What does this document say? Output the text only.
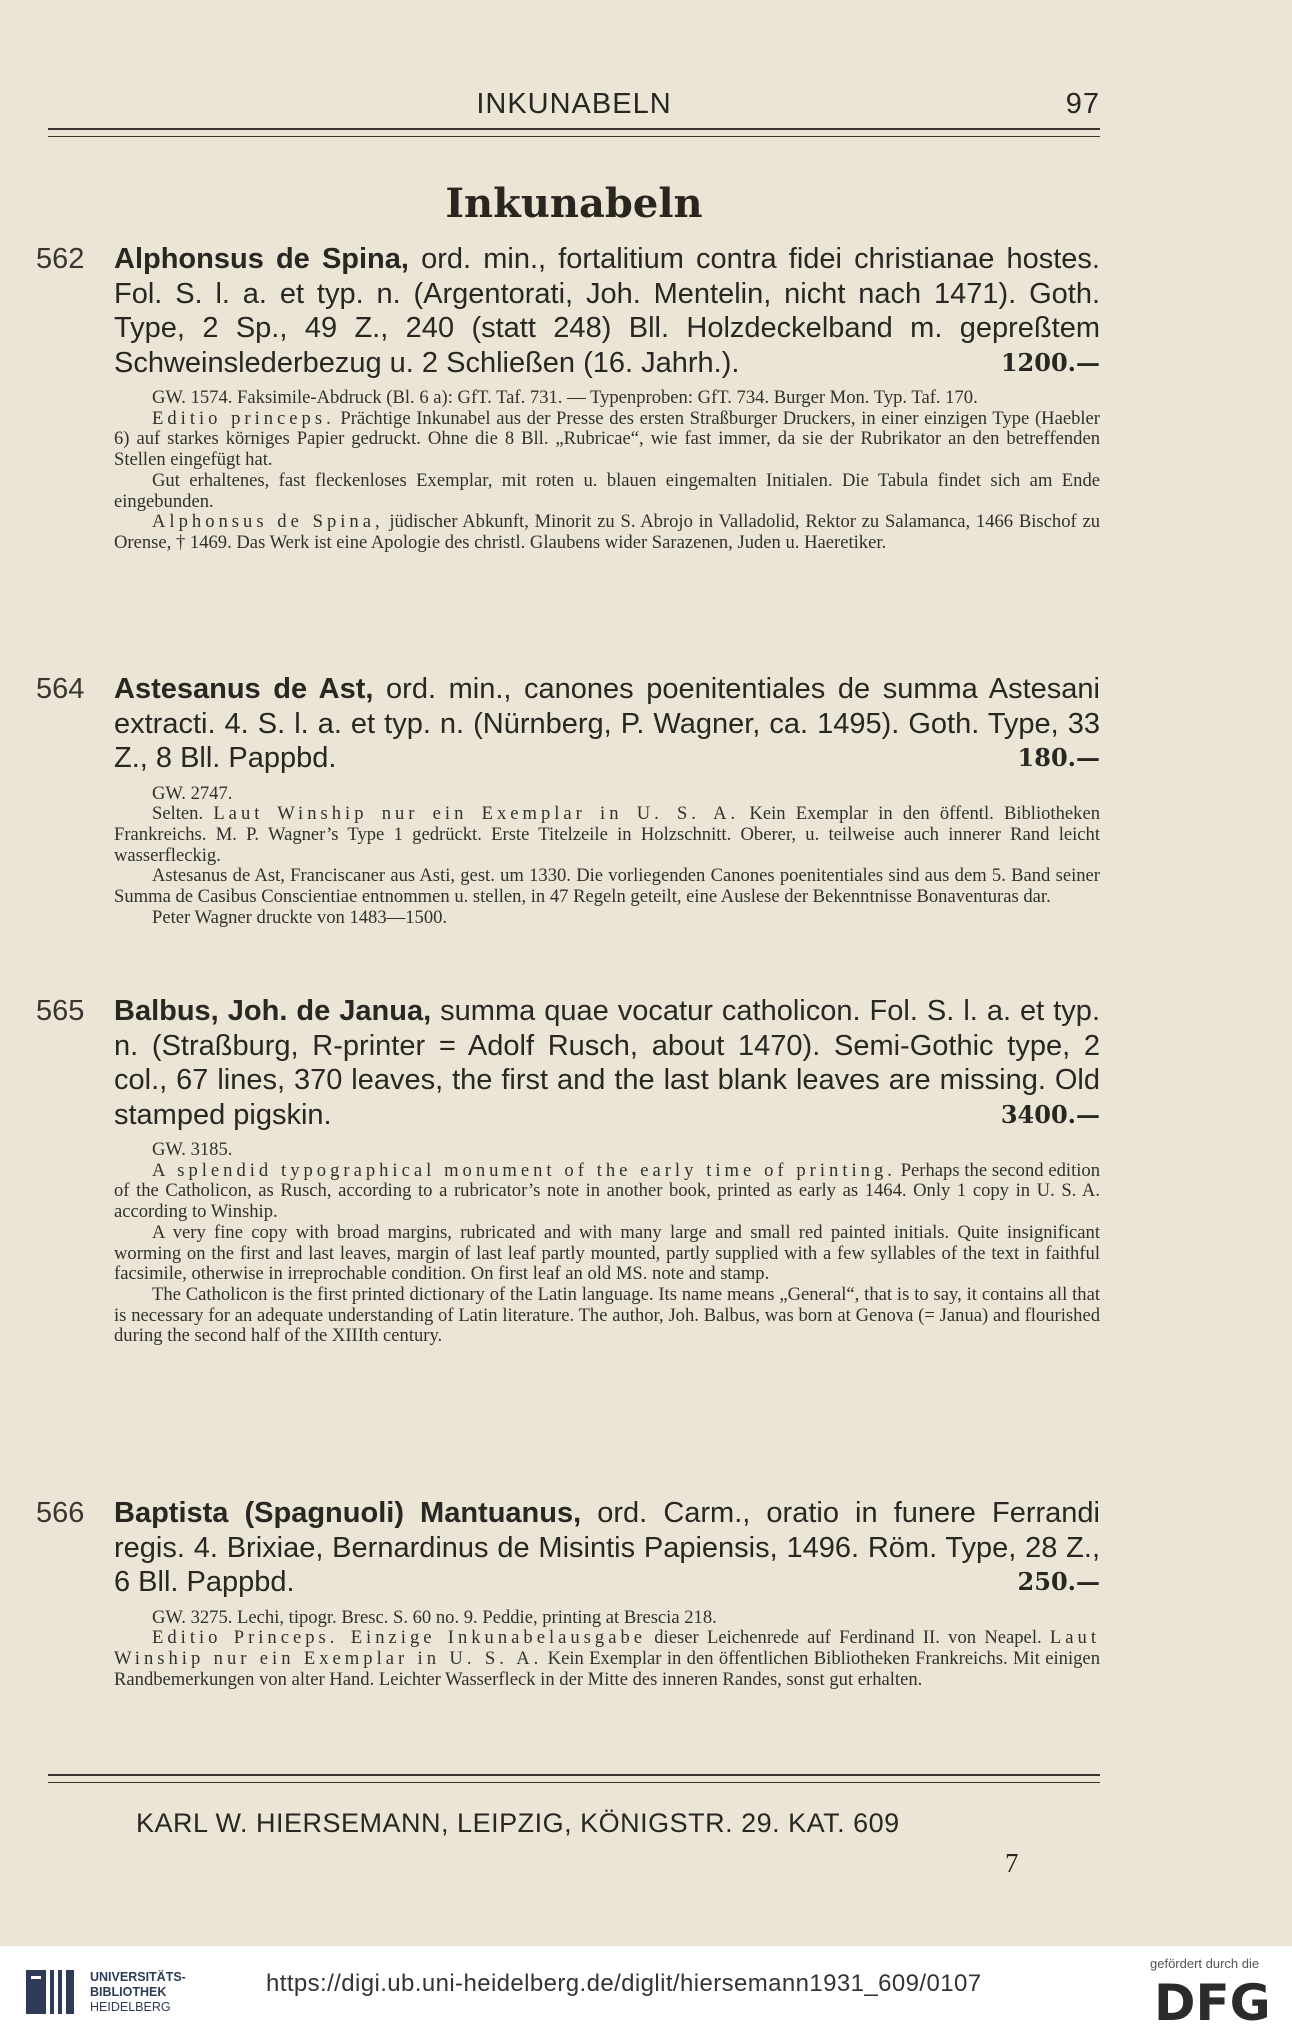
INKUNABELN	97
Inkunabeln
562 Alphonsus de Spina, ord. min., fortalitium contra fidei christianae hostes. Fol. S. l. a. et typ. n. (Argentorati, Joh. Mentelin, nicht nach 1471). Goth. Type, 2 Sp., 49 Z., 240 (statt 248) Bll. Holzdeckelband m. gepreßtem Schweinslederbezug u. 2 Schließen (16. Jahrh.).	1200.—

GW. 1574. Faksimile-Abdruck (Bl. 6 a): GfT. Taf. 731. — Typenproben: GfT. 734. Burger Mon. Typ. Taf. 170.

Editio princeps. Prächtige Inkunabel aus der Presse des ersten Straßburger Druckers, in einer einzigen Type (Haebler 6) auf starkes körniges Papier gedruckt. Ohne die 8 Bll. „Rubricae“, wie fast immer, da sie der Rubrikator an den betreffenden Stellen eingefügt hat.

Gut erhaltenes, fast fleckenloses Exemplar, mit roten u. blauen eingemalten Initialen. Die Tabula findet sich am Ende eingebunden.

Alphonsus de Spina, jüdischer Abkunft, Minorit zu S. Abrojo in Valladolid, Rektor zu Salamanca, 1466 Bischof zu Orense, † 1469. Das Werk ist eine Apologie des christl. Glaubens wider Sarazenen, Juden u. Haeretiker.

564 Astesanus de Ast, ord. min., canones poenitentiales de summa Astesani extracti. 4. S. l. a. et typ. n. (Nürnberg, P. Wagner, ca. 1495). Goth. Type, 33 Z., 8 Bll. Pappbd.	180.—

GW. 2747.

Selten. Laut Winship nur ein Exemplar in U. S. A. Kein Exemplar in den öffentl. Bibliotheken Frankreichs. M. P. Wagner’s Type 1 gedrückt. Erste Titelzeile in Holzschnitt. Oberer, u. teilweise auch innerer Rand leicht wasserfleckig.

Astesanus de Ast, Franciscaner aus Asti, gest. um 1330. Die vorliegenden Canones poenitentiales sind aus dem 5. Band seiner Summa de Casibus Conscientiae entnommen u. stellen, in 47 Regeln geteilt, eine Auslese der Bekenntnisse Bonaventuras dar.

Peter Wagner druckte von 1483—1500.

565 Balbus, Joh. de Janua, summa quae vocatur catholicon. Fol. S. l. a. et typ. n. (Straßburg, R-printer = Adolf Rusch, about 1470). Semi-Gothic type, 2 col., 67 lines, 370 leaves, the first and the last blank leaves are missing. Old stamped pigskin.	3400.—

GW. 3185.

A splendid typographical monument of the early time of printing. Perhaps the second edition of the Catholicon, as Rusch, according to a rubricator’s note in another book, printed as early as 1464. Only 1 copy in U. S. A. according to Winship.

A very fine copy with broad margins, rubricated and with many large and small red painted initials. Quite insignificant worming on the first and last leaves, margin of last leaf partly mounted, partly supplied with a few syllables of the text in faithful facsimile, otherwise in irreprochable condition. On first leaf an old MS. note and stamp.

The Catholicon is the first printed dictionary of the Latin language. Its name means „General“, that is to say, it contains all that is necessary for an adequate understanding of Latin literature. The author, Joh. Balbus, was born at Genova (= Janua) and flourished during the second half of the XIIIth century.

566 Baptista (Spagnuoli) Mantuanus, ord. Carm., oratio in funere Ferrandi regis. 4. Brixiae, Bernardinus de Misintis Papiensis, 1496. Röm. Type, 28 Z., 6 Bll. Pappbd.	250.—

GW. 3275. Lechi, tipogr. Bresc. S. 60 no. 9. Peddie, printing at Brescia 218.

Editio Princeps. Einzige Inkunabelausgabe dieser Leichenrede auf Ferdinand II. von Neapel. Laut Winship nur ein Exemplar in U. S. A. Kein Exemplar in den öffentlichen Bibliotheken Frankreichs. Mit einigen Randbemerkungen von alter Hand. Leichter Wasserfleck in der Mitte des inneren Randes, sonst gut erhalten.

KARL W. HIERSEMANN, LEIPZIG, KÖNIGSTR. 29. KAT. 609
7
UNIVERSITÄTS-
BIBLIOTHEK
HEIDELBERG
https://digi.ub.uni-heidelberg.de/diglit/hiersemann1931_609/0107
gefördert durch die
DFG
